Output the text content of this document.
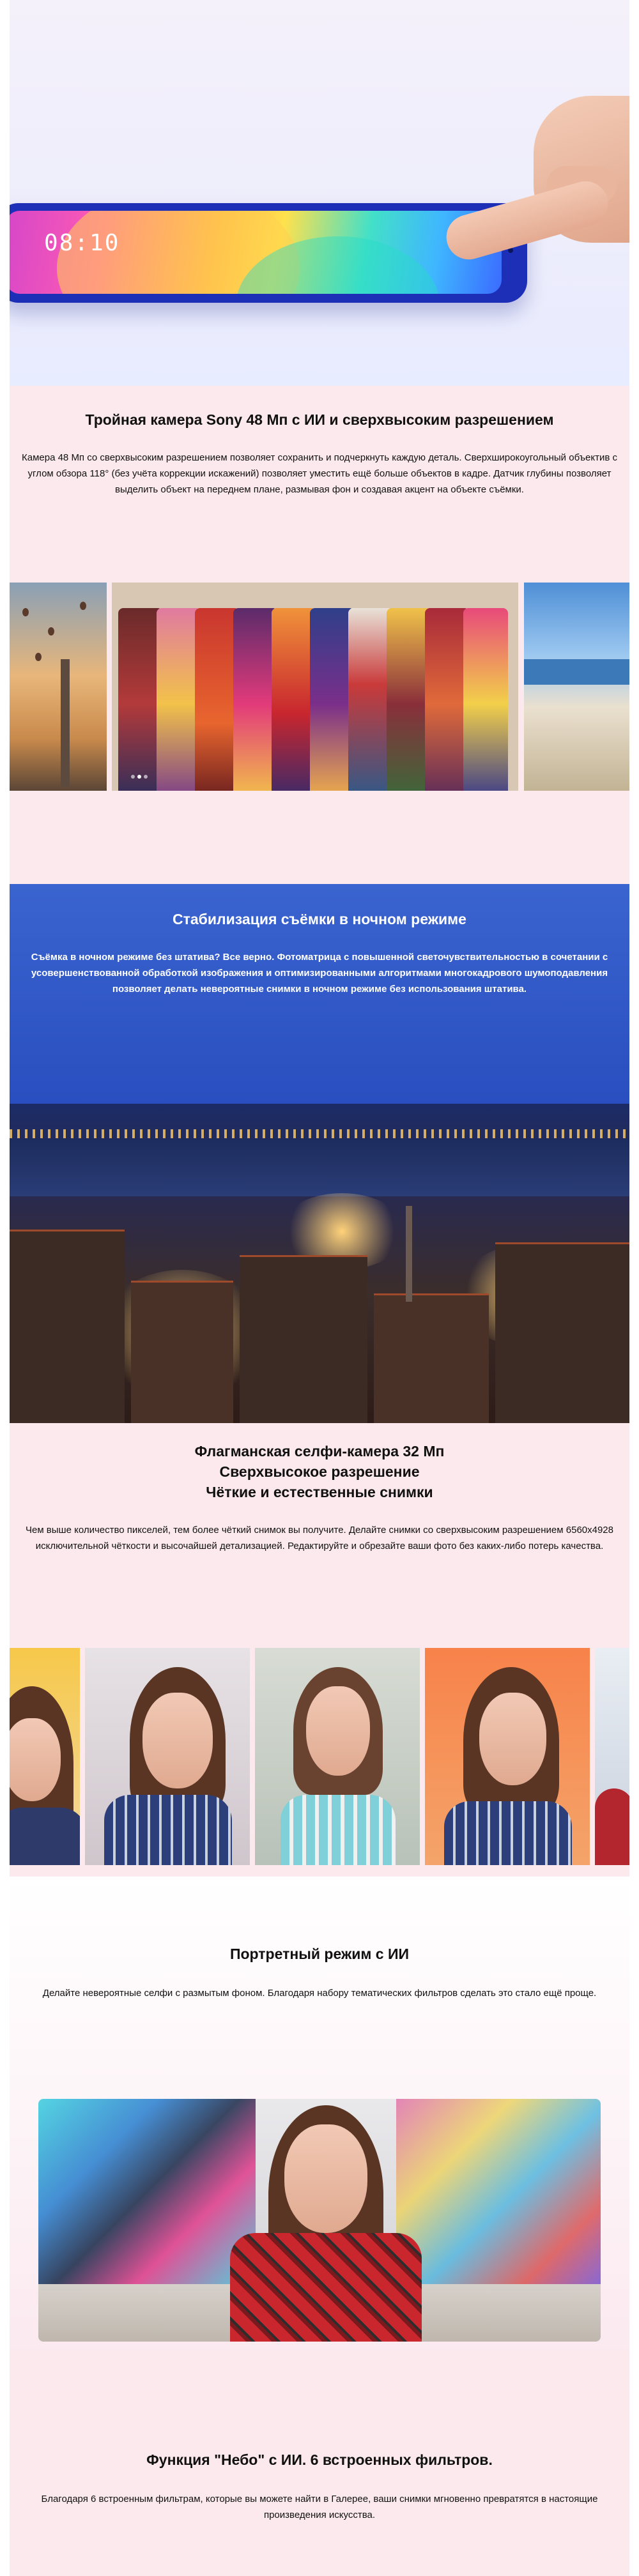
08:10
Тройная камера Sony 48 Мп с ИИ и сверхвысоким разрешением

Камера 48 Мп со сверхвысоким разрешением позволяет сохранить и подчеркнуть каждую деталь. Сверхширокоугольный объектив с углом обзора 118° (без учёта коррекции искажений) позволяет уместить ещё больше объектов в кадре. Датчик глубины позволяет выделить объект на переднем плане, размывая фон и создавая акцент на объекте съёмки.

Стабилизация съёмки в ночном режиме

Съёмка в ночном режиме без штатива? Все верно. Фотоматрица с повышенной светочувствительностью в сочетании с усовершенствованной обработкой изображения и оптимизированными алгоритмами многокадрового шумоподавления позволяет делать невероятные снимки в ночном режиме без использования штатива.

Флагманская селфи-камера 32 Мп
Сверхвысокое разрешение
Чёткие и естественные снимки

Чем выше количество пикселей, тем более чёткий снимок вы получите. Делайте снимки со сверхвысоким разрешением 6560x4928 исключительной чёткости и высочайшей детализацией. Редактируйте и обрезайте ваши фото без каких-либо потерь качества.

Портретный режим с ИИ

Делайте невероятные селфи с размытым фоном. Благодаря набору тематических фильтров сделать это стало ещё проще.

Функция "Небо" с ИИ. 6 встроенных фильтров.

Благодаря 6 встроенным фильтрам, которые вы можете найти в Галерее, ваши снимки мгновенно превратятся в настоящие произведения искусства.
